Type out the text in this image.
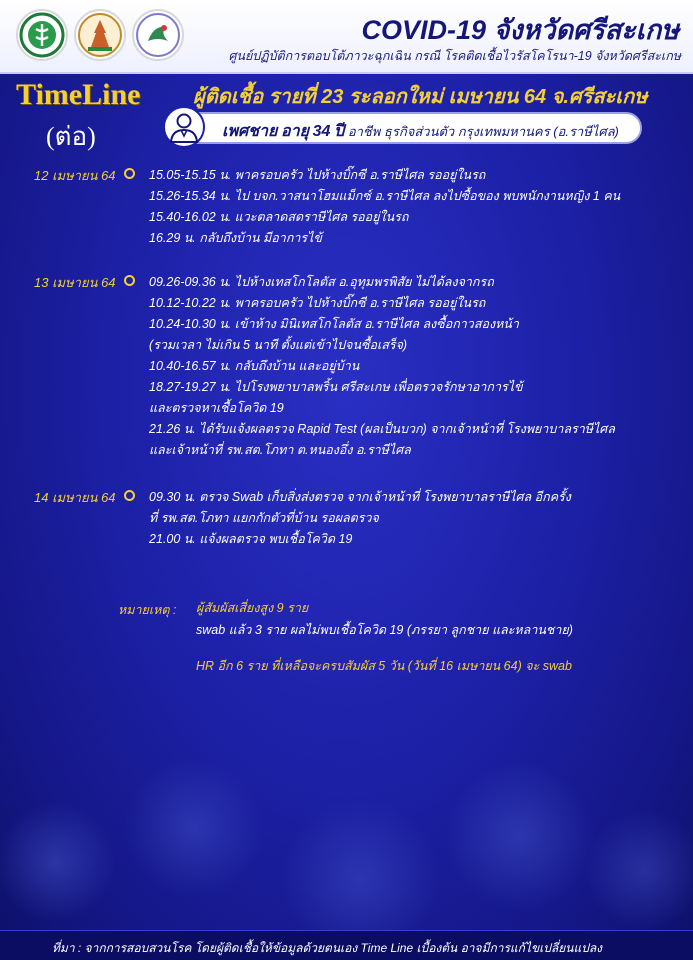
COVID-19 จังหวัดศรีสะเกษ
ศูนย์ปฏิบัติการตอบโต้ภาวะฉุกเฉิน กรณี โรคติดเชื้อไวรัสโคโรนา-19 จังหวัดศรีสะเกษ
TimeLine
(ต่อ)
ผู้ติดเชื้อ รายที่ 23 ระลอกใหม่ เมษายน 64 จ.ศรีสะเกษ
เพศชาย อายุ 34 ปี อาชีพ ธุรกิจส่วนตัว กรุงเทพมหานคร (อ.ราษีไศล)
12 เมษายน 64	15.05-15.15 น. พาครอบครัว ไปห้างบิ๊กซี อ.ราษีไศล รออยู่ในรถ
15.26-15.34 น. ไป บจก.วาสนาโฮมแม็กซ์ อ.ราษีไศล ลงไปซื้อของ พบพนักงานหญิง 1 คน
15.40-16.02 น. แวะตลาดสดราษีไศล รออยู่ในรถ
16.29 น. กลับถึงบ้าน มีอาการไข้
13 เมษายน 64	09.26-09.36 น. ไปห้างเทสโกโลตัส อ.อุทุมพรพิสัย ไม่ได้ลงจากรถ
10.12-10.22 น. พาครอบครัว ไปห้างบิ๊กซี อ.ราษีไศล รออยู่ในรถ
10.24-10.30 น. เข้าห้าง มินิเทสโกโลตัส อ.ราษีไศล ลงซื้อกาวสองหน้า
(รวมเวลา ไม่เกิน 5 นาที ตั้งแต่เข้าไปจนซื้อเสร็จ)
10.40-16.57 น. กลับถึงบ้าน และอยู่บ้าน
18.27-19.27 น. ไปโรงพยาบาลพริ้น ศรีสะเกษ เพื่อตรวจรักษาอาการไข้
และตรวจหาเชื้อโควิด 19
21.26 น. ได้รับแจ้งผลตรวจ Rapid Test (ผลเป็นบวก) จากเจ้าหน้าที่ โรงพยาบาลราษีไศล
และเจ้าหน้าที่ รพ.สต.โภทา ต.หนองอึ่ง อ.ราษีไศล
14 เมษายน 64	09.30 น. ตรวจ Swab เก็บสิ่งส่งตรวจ จากเจ้าหน้าที่ โรงพยาบาลราษีไศล อีกครั้ง
ที่ รพ.สต.โภทา แยกกักตัวที่บ้าน รอผลตรวจ
21.00 น. แจ้งผลตรวจ พบเชื้อโควิด 19
หมายเหตุ : ผู้สัมผัสเสี่ยงสูง 9 ราย
swab แล้ว 3 ราย ผลไม่พบเชื้อโควิด 19 (ภรรยา ลูกชาย และหลานชาย)
HR อีก 6 ราย ที่เหลือจะครบสัมผัส 5 วัน (วันที่ 16 เมษายน 64) จะ swab
ที่มา : จากการสอบสวนโรค โดยผู้ติดเชื้อให้ข้อมูลด้วยตนเอง Time Line เบื้องต้น อาจมีการแก้ไขเปลี่ยนแปลง
